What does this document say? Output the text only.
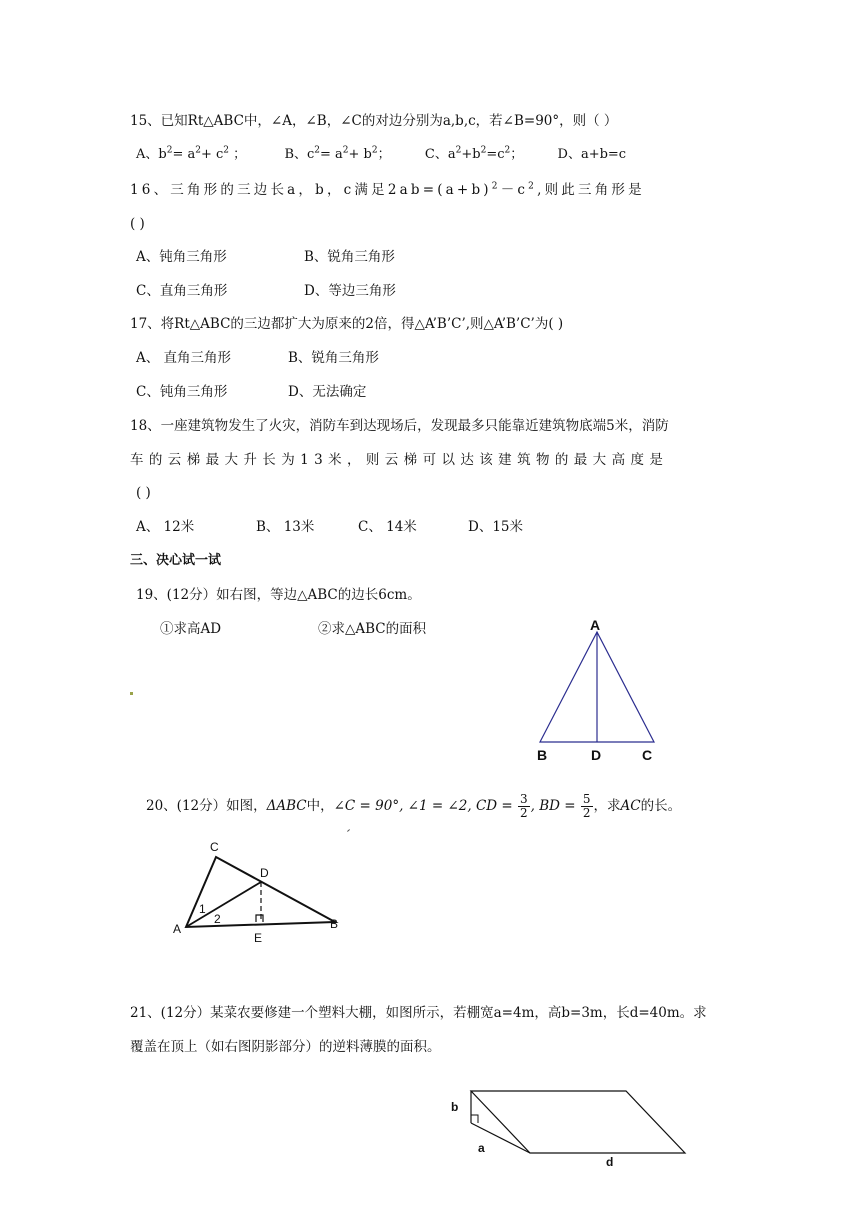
15、已知Rt△ABC中，∠A，∠B，∠C的对边分别为a,b,c，若∠B=90°，则（ ）
A、$b^2= a^2+ c^2$ ；	B、$c^2= a^2+ b^2$；	C、$a^2+b^2=c^2$；	D、a+b=c
16、三角形的三边长a，b，c满足$2ab=(a+b)^2-c^2$,则此三角形是
( )
A、钝角三角形	B、锐角三角形
C、直角三角形	D、等边三角形
17、将Rt△ABC的三边都扩大为原来的2倍，得△A’B’C’,则△A’B’C’为( )
A、 直角三角形	B、锐角三角形
C、钝角三角形	D、无法确定
18、一座建筑物发生了火灾，消防车到达现场后，发现最多只能靠近建筑物底端5米，消防
车的云梯最大升长为13米，则云梯可以达该建筑物的最大高度是
( )
A、 12米	B、 13米	C、 14米	D、15米
三、决心试一试
19、(12分）如右图，等边△ABC的边长6cm。
①求高AD	②求△ABC的面积	A
B	D	C
20、(12分）如图，ΔABC中，∠C = 90°, ∠1 = ∠2, CD = $\frac{3}{2}$ , BD = $\frac{5}{2}$ ，求AC的长。
C
D
A	B
E
1
2
21、(12分）某菜农要修建一个塑料大棚，如图所示，若棚宽a=4m，高b=3m，长d=40m。求
覆盖在顶上（如右图阴影部分）的逆料薄膜的面积。
b
a
d
